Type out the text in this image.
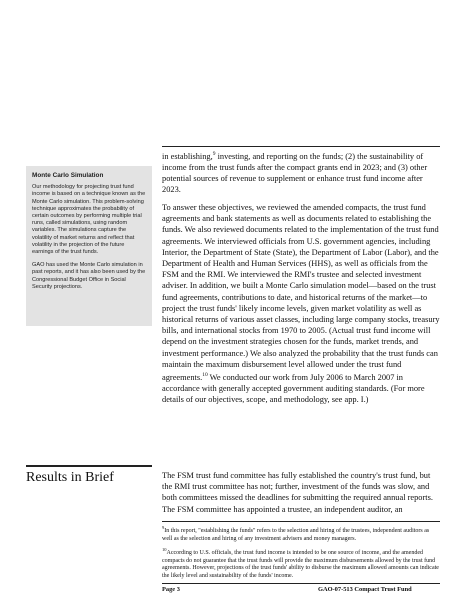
in establishing,$^9$ investing, and reporting on the funds; (2) the sustainability of income from the trust funds after the compact grants end in 2023; and (3) other potential sources of revenue to supplement or enhance trust fund income after 2023.

Monte Carlo Simulation

Our methodology for projecting trust fund income is based on a technique known as the Monte Carlo simulation. This problem-solving technique approximates the probability of certain outcomes by performing multiple trial runs, called simulations, using random variables. The simulations capture the volatility of market returns and reflect that volatility in the projection of the future earnings of the trust funds.

GAO has used the Monte Carlo simulation in past reports, and it has also been used by the Congressional Budget Office in Social Security projections.

To answer these objectives, we reviewed the amended compacts, the trust fund agreements and bank statements as well as documents related to establishing the funds. We also reviewed documents related to the implementation of the trust fund agreements. We interviewed officials from U.S. government agencies, including Interior, the Department of State (State), the Department of Labor (Labor), and the Department of Health and Human Services (HHS), as well as officials from the FSM and the RMI. We interviewed the RMI's trustee and selected investment adviser. In addition, we built a Monte Carlo simulation model—based on the trust fund agreements, contributions to date, and historical returns of the market—to project the trust funds' likely income levels, given market volatility as well as historical returns of various asset classes, including large company stocks, treasury bills, and international stocks from 1970 to 2005. (Actual trust fund income will depend on the investment strategies chosen for the funds, market trends, and investment performance.) We also analyzed the probability that the trust funds can maintain the maximum disbursement level allowed under the trust fund agreements.$^{10}$ We conducted our work from July 2006 to March 2007 in accordance with generally accepted government auditing standards. (For more details of our objectives, scope, and methodology, see app. I.)

Results in Brief	The FSM trust fund committee has fully established the country's trust fund, but the RMI trust committee has not; further, investment of the funds was slow, and both committees missed the deadlines for submitting the required annual reports. The FSM committee has appointed a trustee, an independent auditor, an

$^9$In this report, "establishing the funds" refers to the selection and hiring of the trustees, independent auditors as well as the selection and hiring of any investment advisers and money managers.

$^{10}$According to U.S. officials, the trust fund income is intended to be one source of income, and the amended compacts do not guarantee that the trust funds will provide the maximum disbursements allowed by the trust fund agreements. However, projections of the trust funds' ability to disburse the maximum allowed amounts can indicate the likely level and sustainability of the funds' income.

Page 3	GAO-07-513 Compact Trust Fund
